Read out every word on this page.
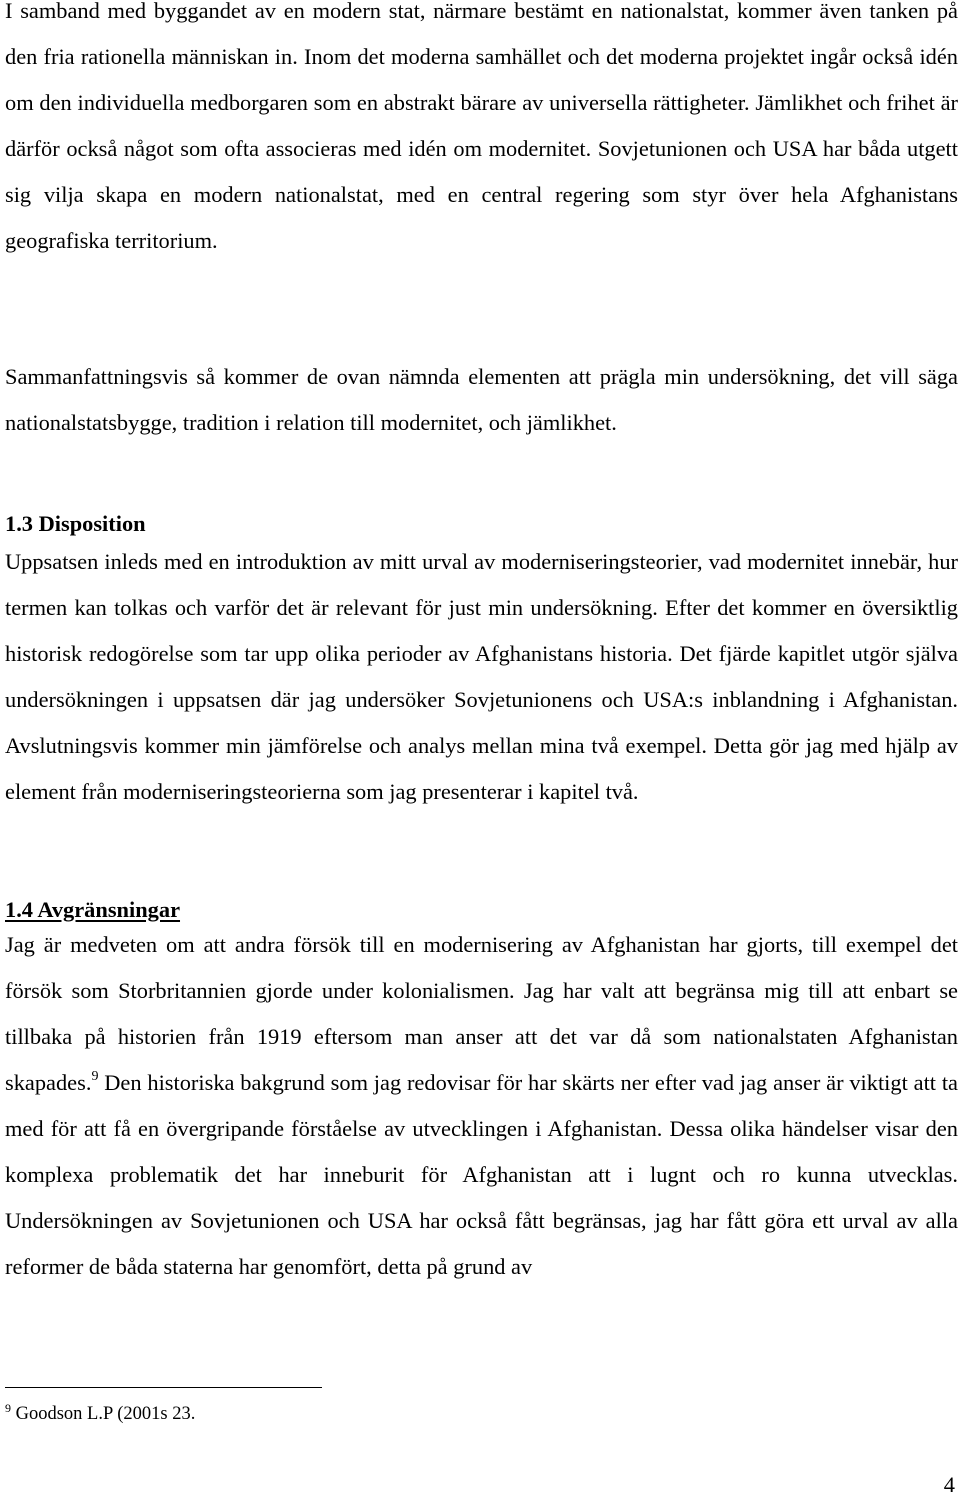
I samband med byggandet av en modern stat, närmare bestämt en nationalstat, kommer även tanken på den fria rationella människan in. Inom det moderna samhället och det moderna projektet ingår också idén om den individuella medborgaren som en abstrakt bärare av universella rättigheter. Jämlikhet och frihet är därför också något som ofta associeras med idén om modernitet. Sovjetunionen och USA har båda utgett sig vilja skapa en modern nationalstat, med en central regering som styr över hela Afghanistans geografiska territorium.

Sammanfattningsvis så kommer de ovan nämnda elementen att prägla min undersökning, det vill säga nationalstatsbygge, tradition i relation till modernitet, och jämlikhet.

1.3 Disposition

Uppsatsen inleds med en introduktion av mitt urval av moderniseringsteorier, vad modernitet innebär, hur termen kan tolkas och varför det är relevant för just min undersökning. Efter det kommer en översiktlig historisk redogörelse som tar upp olika perioder av Afghanistans historia. Det fjärde kapitlet utgör själva undersökningen i uppsatsen där jag undersöker Sovjetunionens och USA:s inblandning i Afghanistan. Avslutningsvis kommer min jämförelse och analys mellan mina två exempel. Detta gör jag med hjälp av element från moderniseringsteorierna som jag presenterar i kapitel två.

1.4 Avgränsningar

Jag är medveten om att andra försök till en modernisering av Afghanistan har gjorts, till exempel det försök som Storbritannien gjorde under kolonialismen. Jag har valt att begränsa mig till att enbart se tillbaka på historien från 1919 eftersom man anser att det var då som nationalstaten Afghanistan skapades.$^9$ Den historiska bakgrund som jag redovisar för har skärts ner efter vad jag anser är viktigt att ta med för att få en övergripande förståelse av utvecklingen i Afghanistan. Dessa olika händelser visar den komplexa problematik det har inneburit för Afghanistan att i lugnt och ro kunna utvecklas. Undersökningen av Sovjetunionen och USA har också fått begränsas, jag har fått göra ett urval av alla reformer de båda staterna har genomfört, detta på grund av

$^9$ Goodson L.P (2001s 23.
4
